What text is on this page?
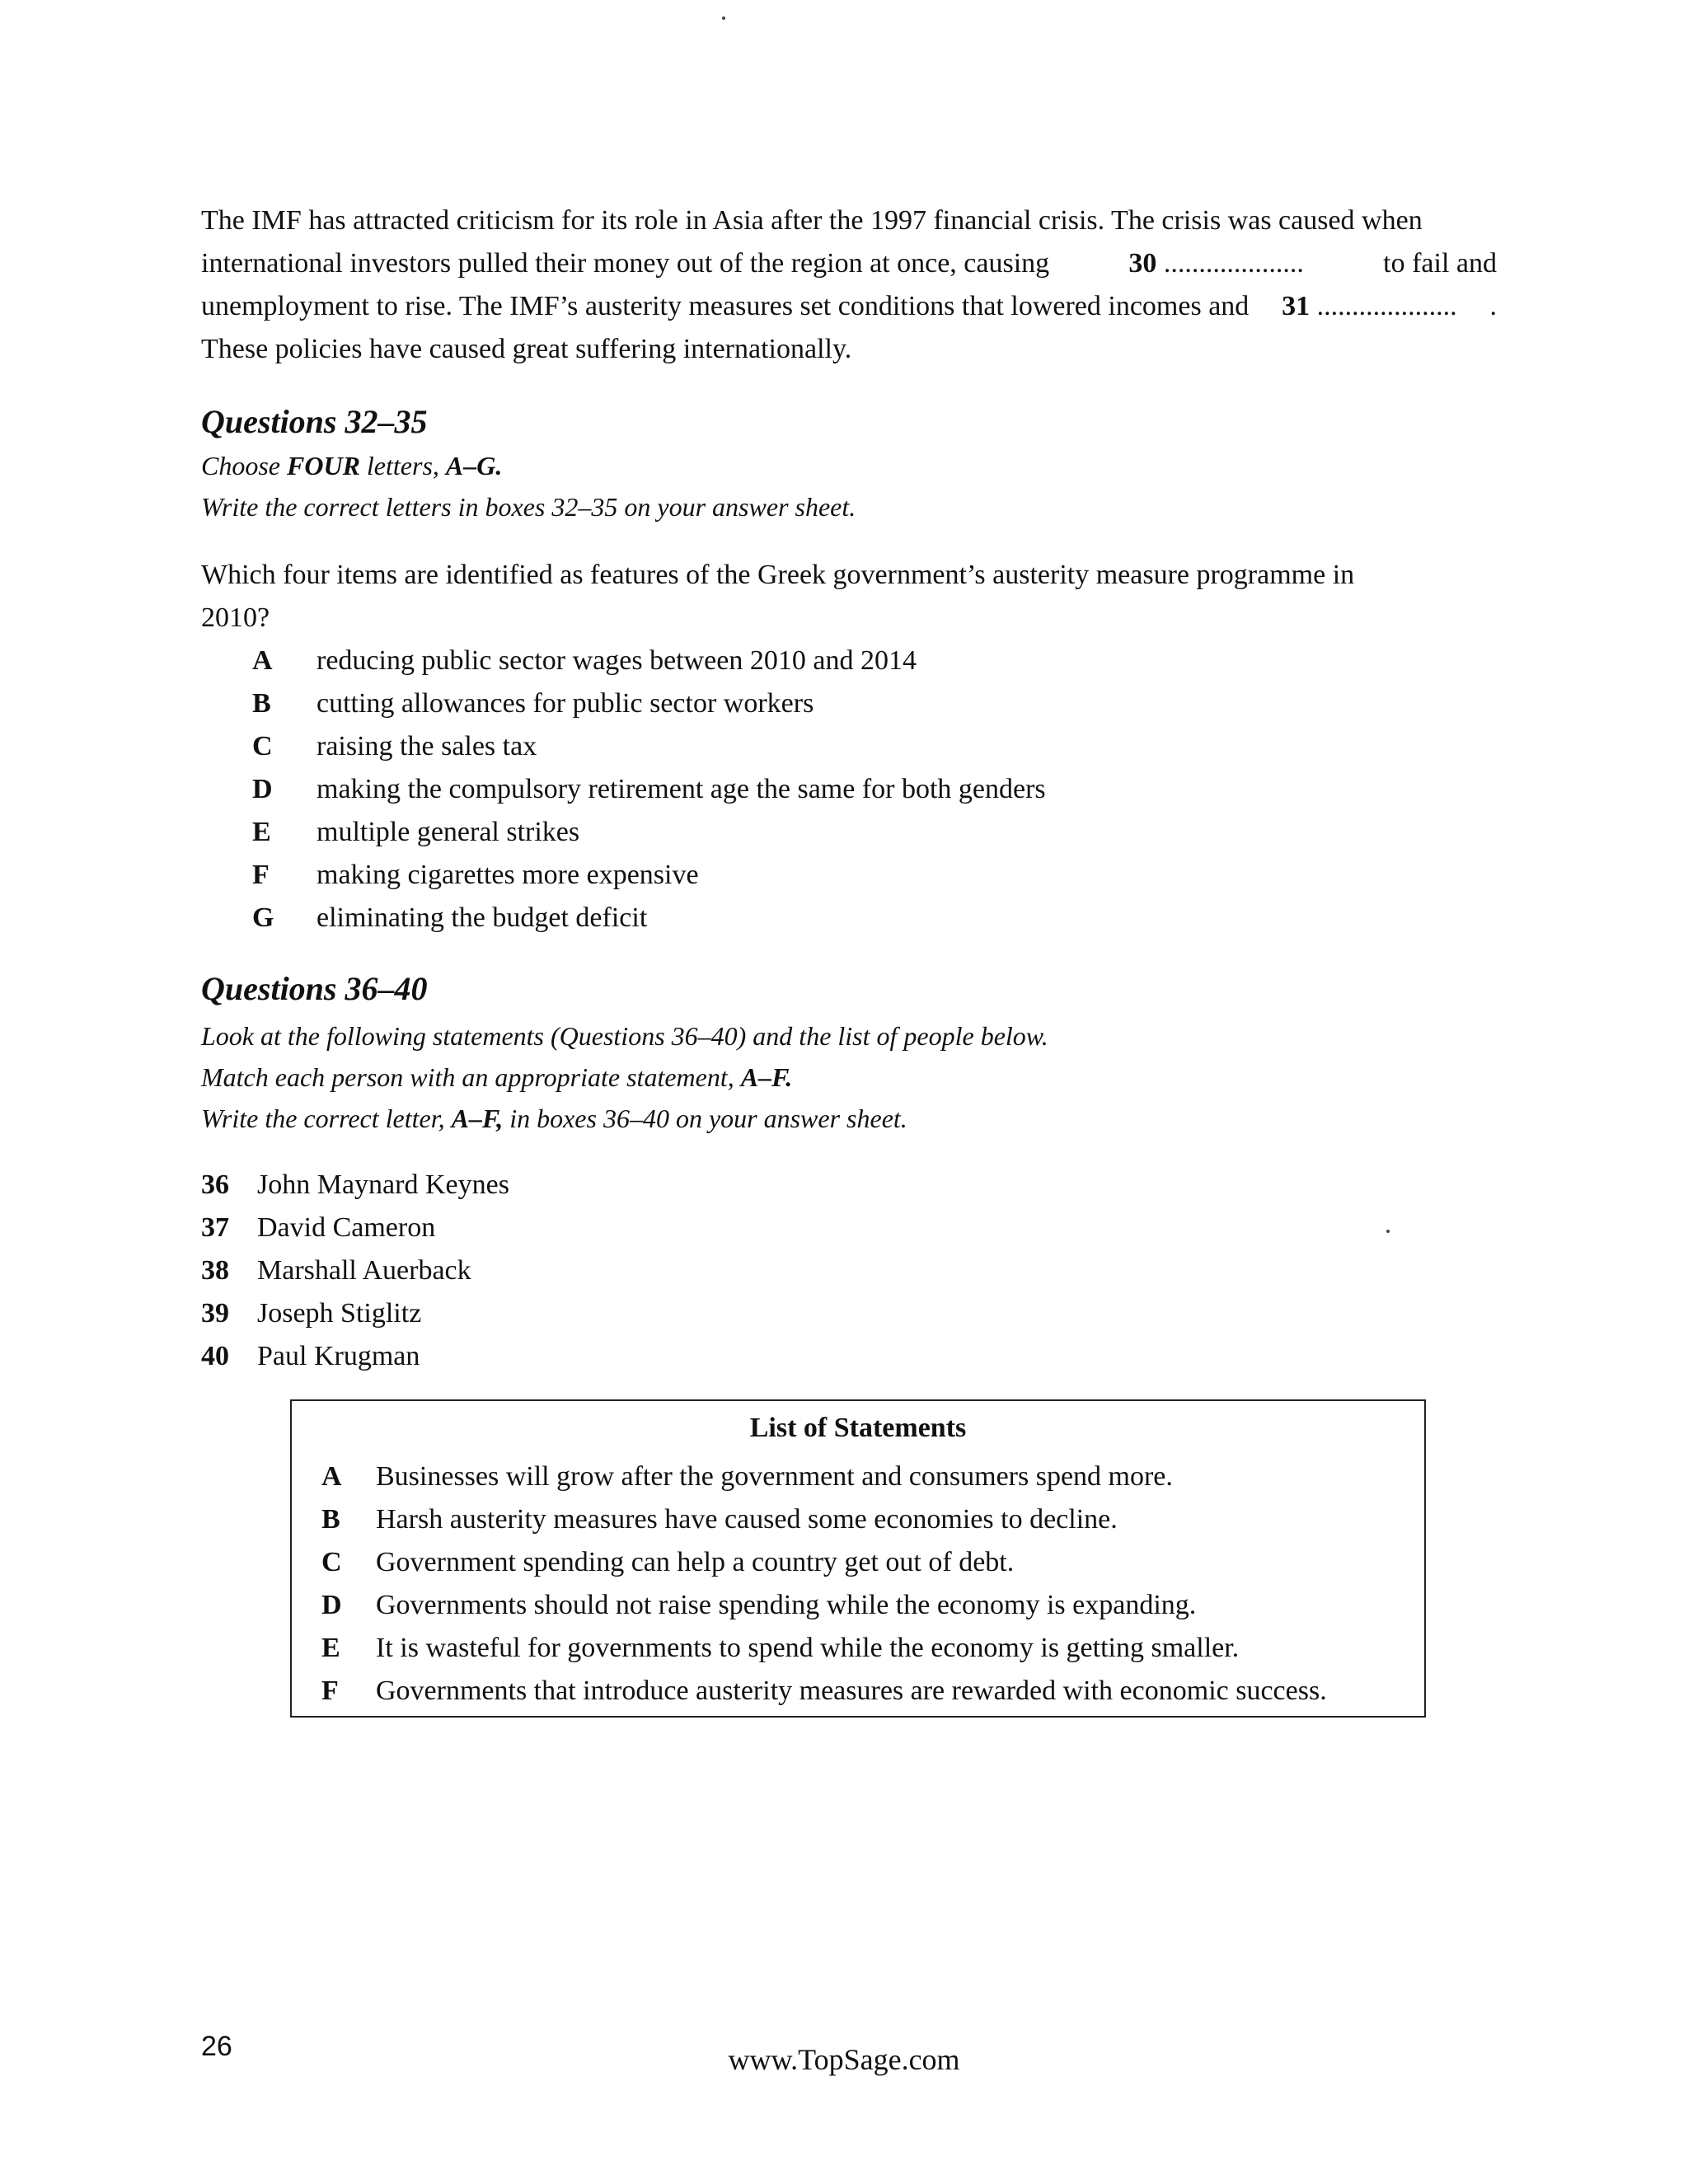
The IMF has attracted criticism for its role in Asia after the 1997 financial crisis. The crisis was caused when
international investors pulled their money out of the region at once, causing	30 ....................	to fail and
unemployment to rise. The IMF’s austerity measures set conditions that lowered incomes and 31 .................... .
These policies have caused great suffering internationally.
Questions 32–35
Choose FOUR letters, A–G.
Write the correct letters in boxes 32–35 on your answer sheet.
Which four items are identified as features of the Greek government’s austerity measure programme in
2010?
A	reducing public sector wages between 2010 and 2014
B	cutting allowances for public sector workers
C	raising the sales tax
D	making the compulsory retirement age the same for both genders
E	multiple general strikes
F	making cigarettes more expensive
G	eliminating the budget deficit
Questions 36–40
Look at the following statements (Questions 36–40) and the list of people below.
Match each person with an appropriate statement, A–F.
Write the correct letter, A–F, in boxes 36–40 on your answer sheet.
36	John Maynard Keynes
37	David Cameron
38	Marshall Auerback
39	Joseph Stiglitz
40	Paul Krugman
List of Statements
A	Businesses will grow after the government and consumers spend more.
B	Harsh austerity measures have caused some economies to decline.
C	Government spending can help a country get out of debt.
D	Governments should not raise spending while the economy is expanding.
E	It is wasteful for governments to spend while the economy is getting smaller.
F	Governments that introduce austerity measures are rewarded with economic success.
26	www.TopSage.com
